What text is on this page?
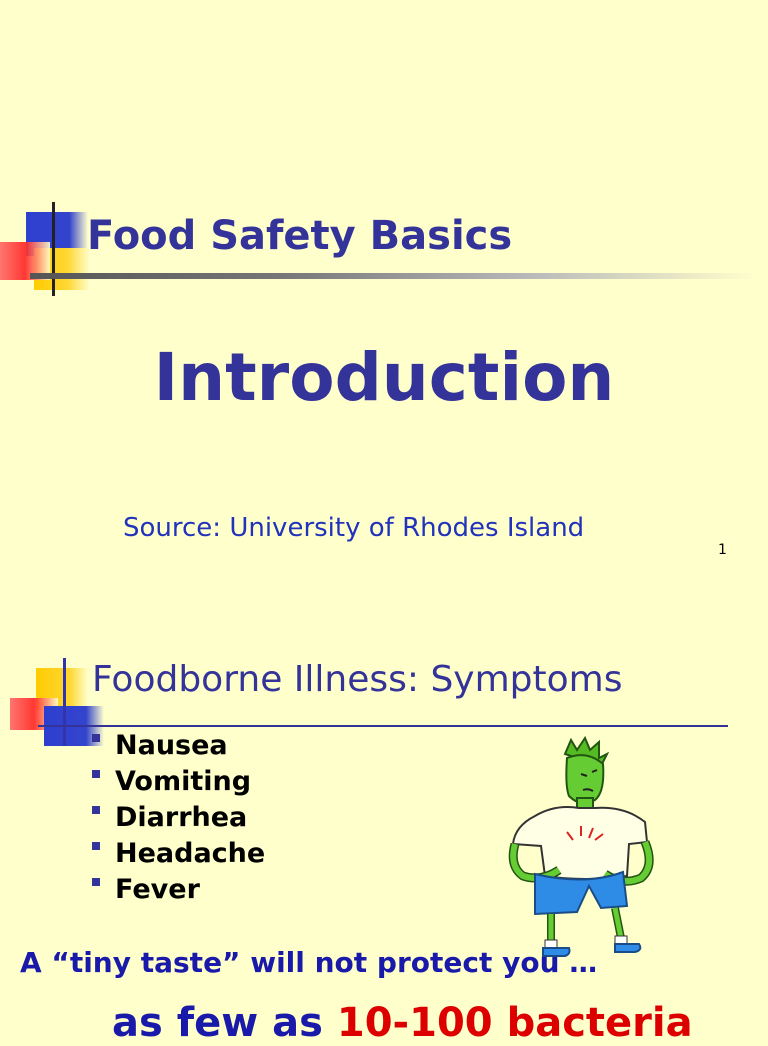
Food Safety Basics
Introduction
Source: University of Rhodes Island
1
Foodborne Illness: Symptoms
Nausea
Vomiting
Diarrhea
Headache
Fever
A “tiny taste” will not protect you …
as few as 10-100 bacteria
